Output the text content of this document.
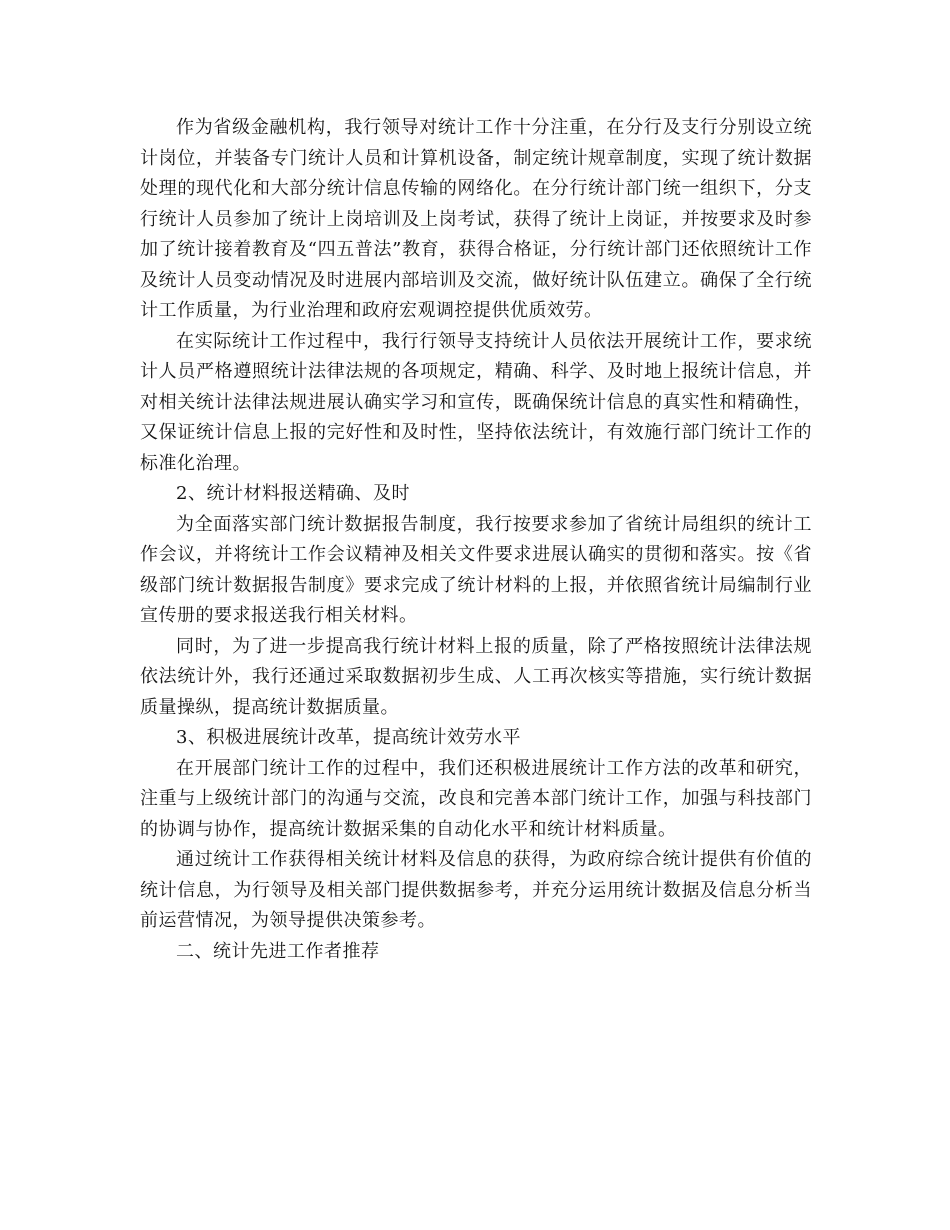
作为省级金融机构，我行领导对统计工作十分注重，在分行及支行分别设立统计岗位，并装备专门统计人员和计算机设备，制定统计规章制度，实现了统计数据处理的现代化和大部分统计信息传输的网络化。在分行统计部门统一组织下，分支行统计人员参加了统计上岗培训及上岗考试，获得了统计上岗证，并按要求及时参加了统计接着教育及“四五普法”教育，获得合格证，分行统计部门还依照统计工作及统计人员变动情况及时进展内部培训及交流，做好统计队伍建立。确保了全行统计工作质量，为行业治理和政府宏观调控提供优质效劳。

在实际统计工作过程中，我行行领导支持统计人员依法开展统计工作，要求统计人员严格遵照统计法律法规的各项规定，精确、科学、及时地上报统计信息，并对相关统计法律法规进展认确实学习和宣传，既确保统计信息的真实性和精确性，又保证统计信息上报的完好性和及时性，坚持依法统计，有效施行部门统计工作的标准化治理。

2、统计材料报送精确、及时

为全面落实部门统计数据报告制度，我行按要求参加了省统计局组织的统计工作会议，并将统计工作会议精神及相关文件要求进展认确实的贯彻和落实。按《省级部门统计数据报告制度》要求完成了统计材料的上报，并依照省统计局编制行业宣传册的要求报送我行相关材料。

同时，为了进一步提高我行统计材料上报的质量，除了严格按照统计法律法规依法统计外，我行还通过采取数据初步生成、人工再次核实等措施，实行统计数据质量操纵，提高统计数据质量。

3、积极进展统计改革，提高统计效劳水平

在开展部门统计工作的过程中，我们还积极进展统计工作方法的改革和研究，注重与上级统计部门的沟通与交流，改良和完善本部门统计工作，加强与科技部门的协调与协作，提高统计数据采集的自动化水平和统计材料质量。

通过统计工作获得相关统计材料及信息的获得，为政府综合统计提供有价值的统计信息，为行领导及相关部门提供数据参考，并充分运用统计数据及信息分析当前运营情况，为领导提供决策参考。

二、统计先进工作者推荐
